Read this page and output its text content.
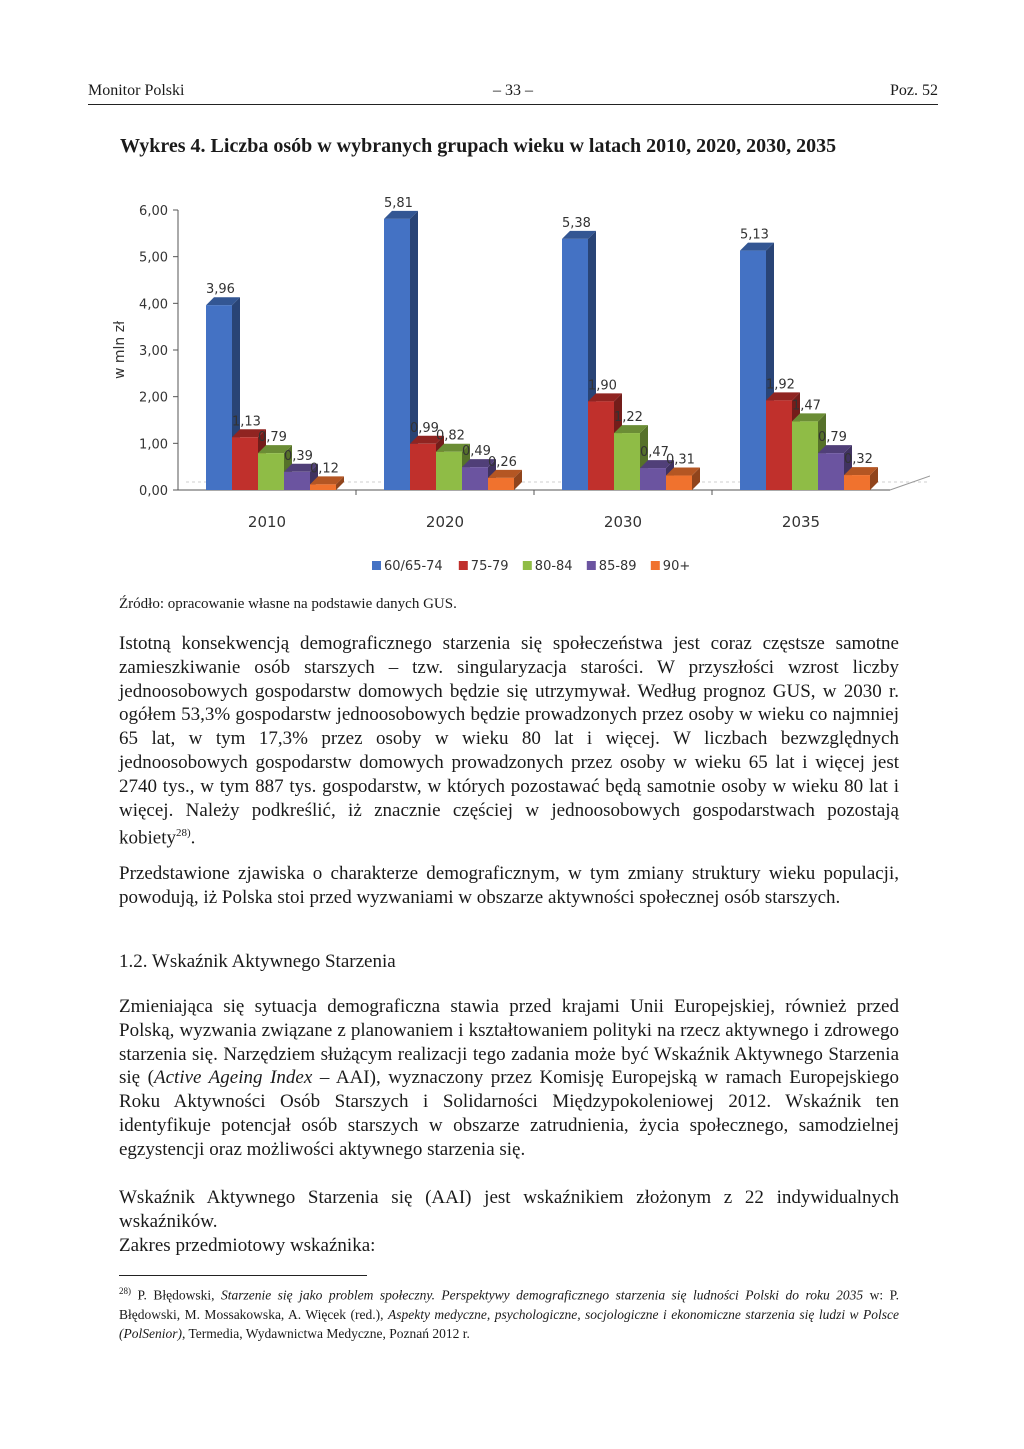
Monitor Polski	– 33 –	Poz. 52
Wykres 4. Liczba osób w wybranych grupach wieku w latach 2010, 2020, 2030, 2035
0,00
1,00
2,00
3,00
4,00
5,00
6,00
w mln zł
3,96
1,13
0,79
0,39
0,12
2010
5,81
0,99
0,82
0,49
0,26
2020
5,38
1,90
1,22
0,47
0,31
2030
5,13
1,92
1,47
0,79
0,32
2035
60/65-74 75-79 80-84 85-89 90+
Źródło: opracowanie własne na podstawie danych GUS.

Istotną konsekwencją demograficznego starzenia się społeczeństwa jest coraz częstsze samotne zamieszkiwanie osób starszych – tzw. singularyzacja starości. W przyszłości wzrost liczby jednoosobowych gospodarstw domowych będzie się utrzymywał. Według prognoz GUS, w 2030 r. ogółem 53,3% gospodarstw jednoosobowych będzie prowadzonych przez osoby w wieku co najmniej 65 lat, w tym 17,3% przez osoby w wieku 80 lat i więcej. W liczbach bezwzględnych jednoosobowych gospodarstw domowych prowadzonych przez osoby w wieku 65 lat i więcej jest 2740 tys., w tym 887 tys. gospodarstw, w których pozostawać będą samotnie osoby w wieku 80 lat i więcej. Należy podkreślić, iż znacznie częściej w jednoosobowych gospodarstwach pozostają kobiety$^{28)}$.

Przedstawione zjawiska o charakterze demograficznym, w tym zmiany struktury wieku populacji, powodują, iż Polska stoi przed wyzwaniami w obszarze aktywności społecznej osób starszych.

1.2. Wskaźnik Aktywnego Starzenia

Zmieniająca się sytuacja demograficzna stawia przed krajami Unii Europejskiej, również przed Polską, wyzwania związane z planowaniem i kształtowaniem polityki na rzecz aktywnego i zdrowego starzenia się. Narzędziem służącym realizacji tego zadania może być Wskaźnik Aktywnego Starzenia się (Active Ageing Index – AAI), wyznaczony przez Komisję Europejską w ramach Europejskiego Roku Aktywności Osób Starszych i Solidarności Międzypokoleniowej 2012. Wskaźnik ten identyfikuje potencjał osób starszych w obszarze zatrudnienia, życia społecznego, samodzielnej egzystencji oraz możliwości aktywnego starzenia się.

Wskaźnik Aktywnego Starzenia się (AAI) jest wskaźnikiem złożonym z 22 indywidualnych wskaźników.

Zakres przedmiotowy wskaźnika:

$^{28)}$ P. Błędowski, Starzenie się jako problem społeczny. Perspektywy demograficznego starzenia się ludności Polski do roku 2035 w: P. Błędowski, M. Mossakowska, A. Więcek (red.), Aspekty medyczne, psychologiczne, socjologiczne i ekonomiczne starzenia się ludzi w Polsce (PolSenior), Termedia, Wydawnictwa Medyczne, Poznań 2012 r.
